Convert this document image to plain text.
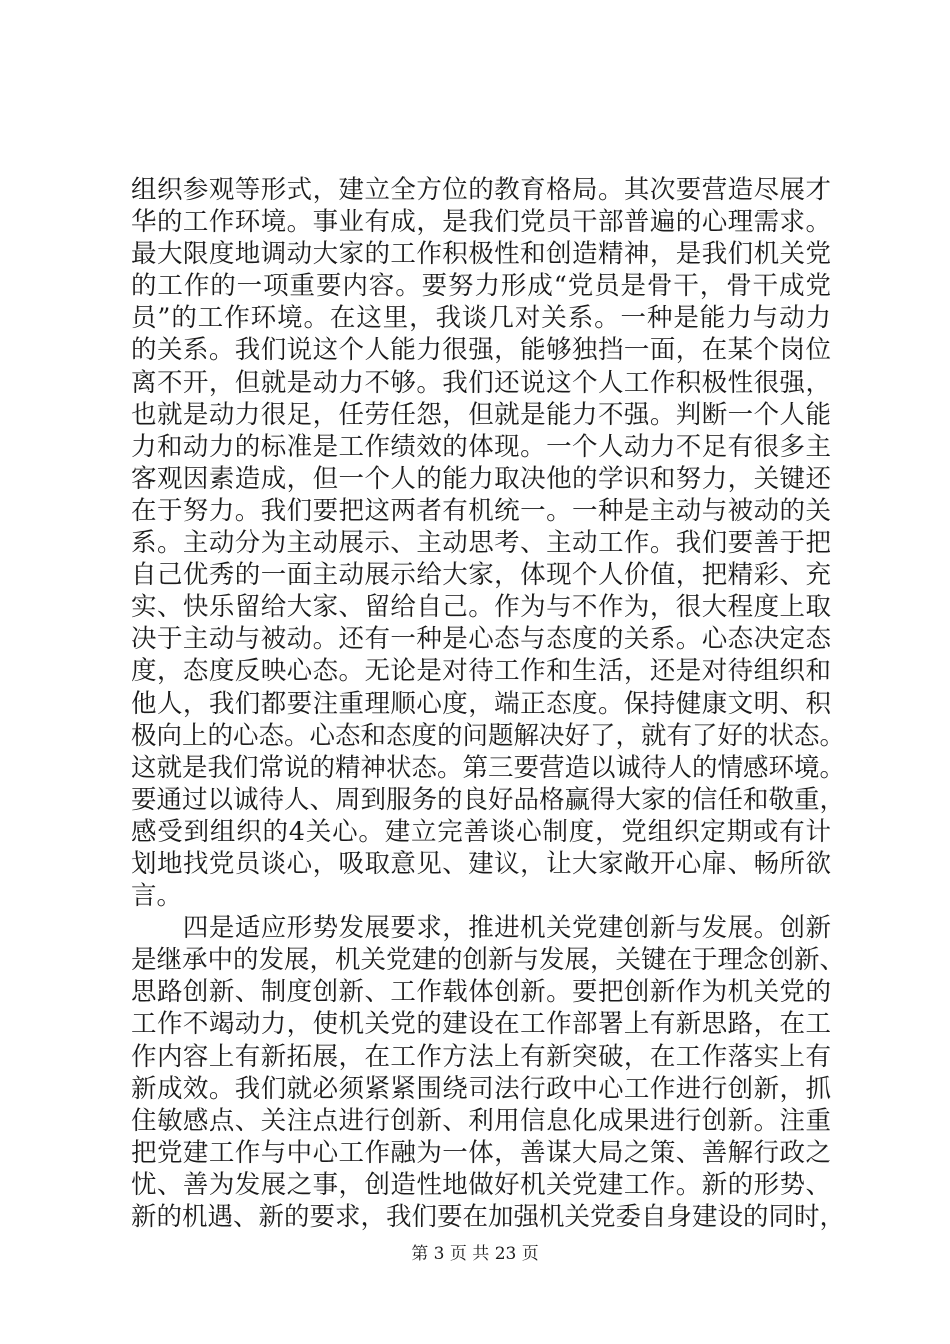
组织参观等形式，建立全方位的教育格局。其次要营造尽展才
华的工作环境。事业有成，是我们党员干部普遍的心理需求。
最大限度地调动大家的工作积极性和创造精神，是我们机关党
的工作的一项重要内容。要努力形成“党员是骨干，骨干成党
员”的工作环境。在这里，我谈几对关系。一种是能力与动力
的关系。我们说这个人能力很强，能够独挡一面，在某个岗位
离不开，但就是动力不够。我们还说这个人工作积极性很强，
也就是动力很足，任劳任怨，但就是能力不强。判断一个人能
力和动力的标准是工作绩效的体现。一个人动力不足有很多主
客观因素造成，但一个人的能力取决他的学识和努力，关键还
在于努力。我们要把这两者有机统一。一种是主动与被动的关
系。主动分为主动展示、主动思考、主动工作。我们要善于把
自己优秀的一面主动展示给大家，体现个人价值，把精彩、充
实、快乐留给大家、留给自己。作为与不作为，很大程度上取
决于主动与被动。还有一种是心态与态度的关系。心态决定态
度，态度反映心态。无论是对待工作和生活，还是对待组织和
他人，我们都要注重理顺心度，端正态度。保持健康文明、积
极向上的心态。心态和态度的问题解决好了，就有了好的状态。
这就是我们常说的精神状态。第三要营造以诚待人的情感环境。
要通过以诚待人、周到服务的良好品格赢得大家的信任和敬重，
感受到组织的4关心。建立完善谈心制度，党组织定期或有计
划地找党员谈心，吸取意见、建议，让大家敞开心扉、畅所欲
言。
　　四是适应形势发展要求，推进机关党建创新与发展。创新
是继承中的发展，机关党建的创新与发展，关键在于理念创新、
思路创新、制度创新、工作载体创新。要把创新作为机关党的
工作不竭动力，使机关党的建设在工作部署上有新思路，在工
作内容上有新拓展，在工作方法上有新突破，在工作落实上有
新成效。我们就必须紧紧围绕司法行政中心工作进行创新，抓
住敏感点、关注点进行创新、利用信息化成果进行创新。注重
把党建工作与中心工作融为一体，善谋大局之策、善解行政之
忧、善为发展之事，创造性地做好机关党建工作。新的形势、
新的机遇、新的要求，我们要在加强机关党委自身建设的同时，
第 3 页 共 23 页
